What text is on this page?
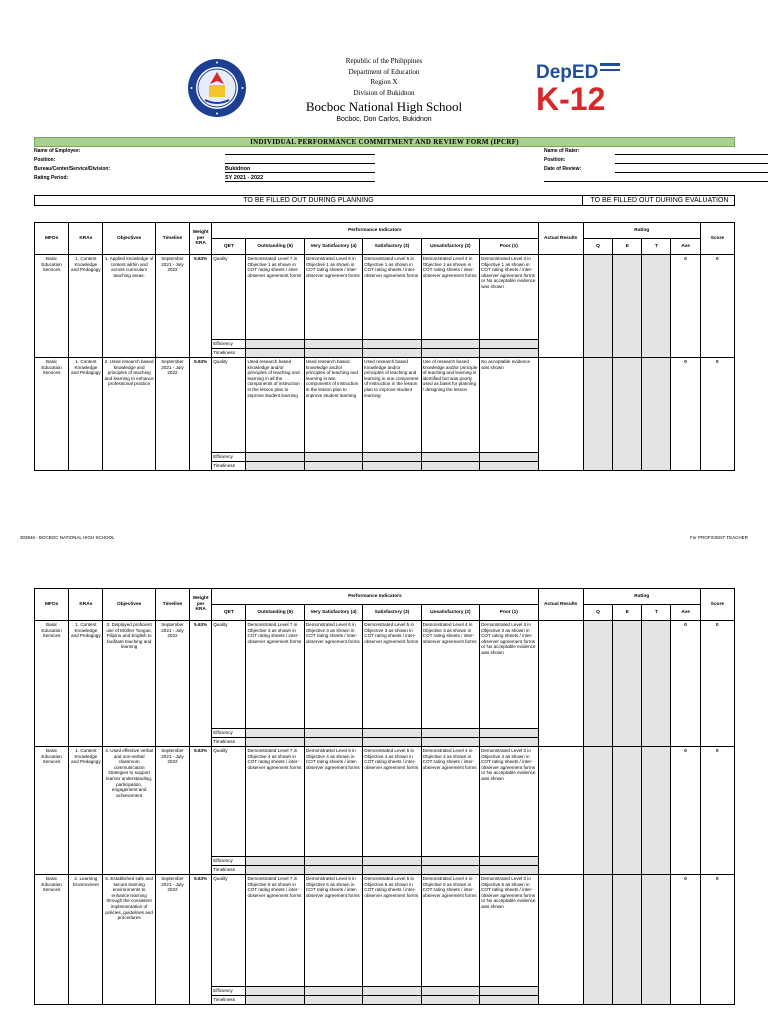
Republic of the Philippines
Department of Education
Region X
Division of Bukidnon
Bocboc National High School
Bocboc, Don Carlos, Bukidnon
DepED
K-12
INDIVIDUAL PERFORMANCE COMMITMENT AND REVIEW FORM (IPCRF)
Name of Employee:	Name of Rater:
Position:	Position:
Bureau/Center/Service/Division:	Bukidnon	Date of Review:
Rating Period:	SY 2021 - 2022
TO BE FILLED OUT DURING PLANNING	TO BE FILLED OUT DURING EVALUATION
MFOs	KRAs	Objectives	Timeline	Weight per KRA	Performance Indicators						Actual Results	Rating				Score
					QET	Outstanding (5)	Very Satisfactory (4)	Satisfactory (3)	Unsatisfactory (2)	Poor (1)		Q	E	T	Ave	
Basic Education Services	1. Content Knowledge and Pedagogy	1. Applied knowledge of content within and across curriculum teaching areas.	September 2021 - July 2022	5.63%	Quality	Demonstrated Level 7 in Objective 1 as shown in COT rating sheets / inter-observer agreement forms	Demonstrated Level 6 in Objective 1 as shown in COT rating sheets / inter-observer agreement forms	Demonstrated Level 5 in Objective 1 as shown in COT rating sheets / inter-observer agreement forms	Demonstrated Level 4 in Objective 1 as shown in COT rating sheets / inter-observer agreement forms	Demonstrated Level 3 in Objective 1 as shown in COT rating sheets / inter-observer agreement forms or No acceptable evidence was shown					0	0
					Efficiency											
					Timeliness											
Basic Education Services	1. Content Knowledge and Pedagogy	2. Used research based knowledge and principles of teaching and learning to enhance professional practice	September 2021 - July 2022	5.63%	Quality	Used research based knowledge and/or principles of teaching and learning in all the components of instruction in the lesson plan to improve student learning	Used research based knowledge and/or principles of teaching and learning in two components of instruction in the lesson plan to improve student learning	Used research based knowledge and/or principles of teaching and learning in one component of instruction in the lesson plan to improve student learning	Use of research based knowledge and/or principle of teaching and learning is identified but was poorly used as basis for planning / designing the lesson	No acceptable evidence was shown					0	0
					Efficiency											
					Timeliness											
303946 - BOCBOC NATIONAL HIGH SCHOOL	For PROFICIENT TEACHER
MFOs	KRAs	Objectives	Timeline	Weight per KRA	Performance Indicators						Actual Results	Rating				Score
					QET	Outstanding (5)	Very Satisfactory (4)	Satisfactory (3)	Unsatisfactory (2)	Poor (1)		Q	E	T	Ave	
Basic Education Services	1. Content Knowledge and Pedagogy	3. Displayed proficient use of Mother Tongue, Filipino and English to facilitate teaching and learning	September 2021 - July 2022	5.63%	Quality	Demonstrated Level 7 in Objective 3 as shown in COT rating sheets / inter-observer agreement forms	Demonstrated Level 6 in Objective 3 as shown in COT rating sheets / inter-observer agreement forms	Demonstrated Level 5 in Objective 3 as shown in COT rating sheets / inter-observer agreement forms	Demonstrated Level 4 in Objective 3 as shown in COT rating sheets / inter-observer agreement forms	Demonstrated Level 3 in Objective 3 as shown in COT rating sheets / inter-observer agreement forms or No acceptable evidence was shown					0	0
					Efficiency											
					Timeliness											
Basic Education Services	1. Content Knowledge and Pedagogy	4. Used effective verbal and non-verbal classroom communication strategies to support learner understanding, participation, engagement and achievement	September 2021 - July 2022	5.63%	Quality	Demonstrated Level 7 in Objective 4 as shown in COT rating sheets / inter-observer agreement forms	Demonstrated Level 6 in Objective 4 as shown in COT rating sheets / inter-observer agreement forms	Demonstrated Level 5 in Objective 4 as shown in COT rating sheets / inter-observer agreement forms	Demonstrated Level 4 in Objective 4 as shown in COT rating sheets / inter-observer agreement forms	Demonstrated Level 3 in Objective 4 as shown in COT rating sheets / inter-observer agreement forms or No acceptable evidence was shown					0	0
					Efficiency											
					Timeliness											
Basic Education Services	2. Learning Environment	5. Established safe and secure learning environments to enhance learning through the consistent implementation of policies, guidelines and procedures	September 2021 - July 2022	5.63%	Quality	Demonstrated Level 7 in Objective 5 as shown in COT rating sheets / inter-observer agreement forms	Demonstrated Level 6 in Objective 5 as shown in COT rating sheets / inter-observer agreement forms	Demonstrated Level 5 in Objective 5 as shown in COT rating sheets / inter-observer agreement forms	Demonstrated Level 4 in Objective 5 as shown in COT rating sheets / inter-observer agreement forms	Demonstrated Level 3 in Objective 5 as shown in COT rating sheets / inter-observer agreement forms or No acceptable evidence was shown					0	0
					Efficiency											
					Timeliness											
